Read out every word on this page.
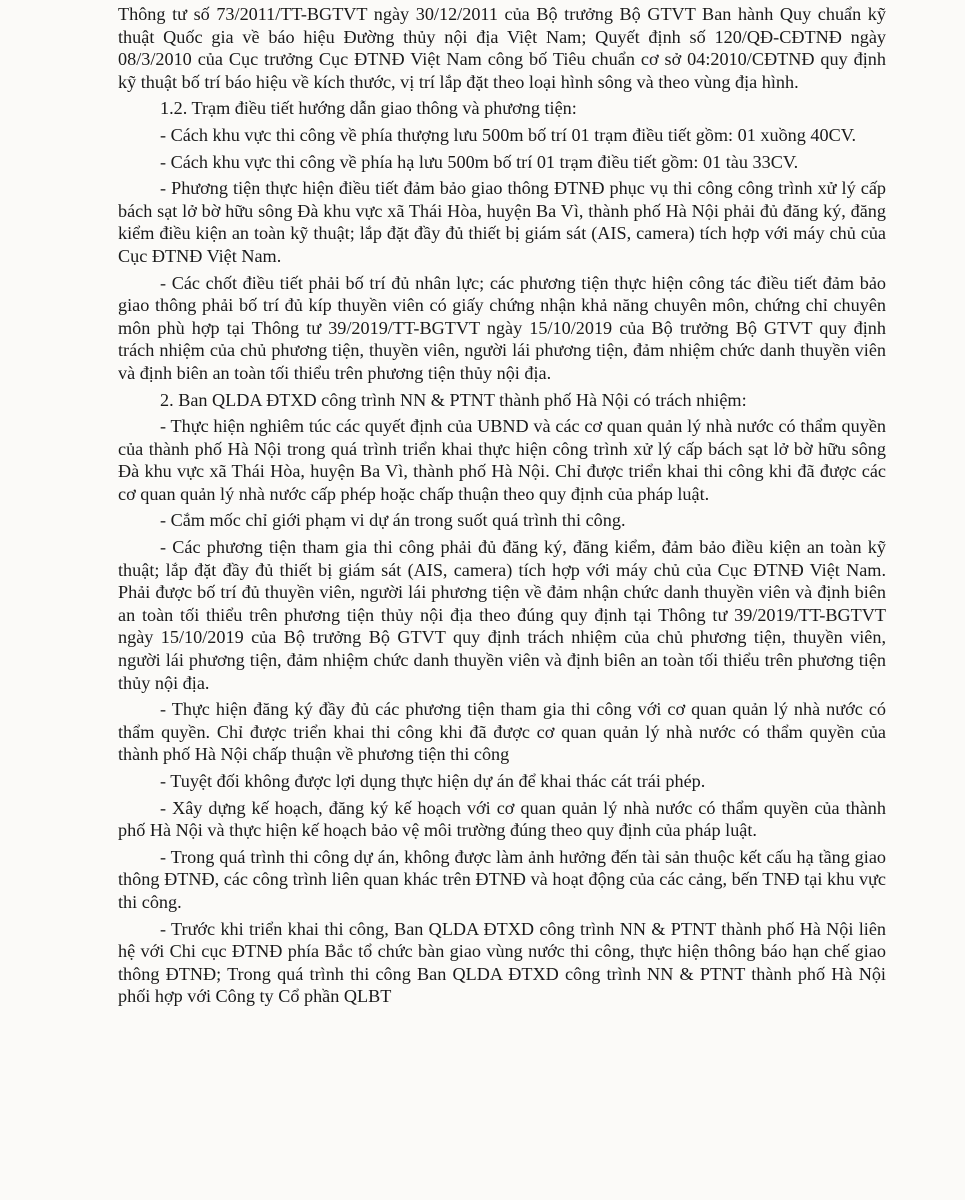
Thông tư số 73/2011/TT-BGTVT ngày 30/12/2011 của Bộ trưởng Bộ GTVT Ban hành Quy chuẩn kỹ thuật Quốc gia về báo hiệu Đường thủy nội địa Việt Nam; Quyết định số 120/QĐ-CĐTNĐ ngày 08/3/2010 của Cục trưởng Cục ĐTNĐ Việt Nam công bố Tiêu chuẩn cơ sở 04:2010/CĐTNĐ quy định kỹ thuật bố trí báo hiệu về kích thước, vị trí lắp đặt theo loại hình sông và theo vùng địa hình.

1.2. Trạm điều tiết hướng dẫn giao thông và phương tiện:

- Cách khu vực thi công về phía thượng lưu 500m bố trí 01 trạm điều tiết gồm: 01 xuồng 40CV.

- Cách khu vực thi công về phía hạ lưu 500m bố trí 01 trạm điều tiết gồm: 01 tàu 33CV.

- Phương tiện thực hiện điều tiết đảm bảo giao thông ĐTNĐ phục vụ thi công công trình xử lý cấp bách sạt lở bờ hữu sông Đà khu vực xã Thái Hòa, huyện Ba Vì, thành phố Hà Nội phải đủ đăng ký, đăng kiểm điều kiện an toàn kỹ thuật; lắp đặt đầy đủ thiết bị giám sát (AIS, camera) tích hợp với máy chủ của Cục ĐTNĐ Việt Nam.

- Các chốt điều tiết phải bố trí đủ nhân lực; các phương tiện thực hiện công tác điều tiết đảm bảo giao thông phải bố trí đủ kíp thuyền viên có giấy chứng nhận khả năng chuyên môn, chứng chỉ chuyên môn phù hợp tại Thông tư 39/2019/TT-BGTVT ngày 15/10/2019 của Bộ trưởng Bộ GTVT quy định trách nhiệm của chủ phương tiện, thuyền viên, người lái phương tiện, đảm nhiệm chức danh thuyền viên và định biên an toàn tối thiểu trên phương tiện thủy nội địa.

2. Ban QLDA ĐTXD công trình NN & PTNT thành phố Hà Nội có trách nhiệm:

- Thực hiện nghiêm túc các quyết định của UBND và các cơ quan quản lý nhà nước có thẩm quyền của thành phố Hà Nội trong quá trình triển khai thực hiện công trình xử lý cấp bách sạt lở bờ hữu sông Đà khu vực xã Thái Hòa, huyện Ba Vì, thành phố Hà Nội. Chỉ được triển khai thi công khi đã được các cơ quan quản lý nhà nước cấp phép hoặc chấp thuận theo quy định của pháp luật.

- Cắm mốc chỉ giới phạm vi dự án trong suốt quá trình thi công.

- Các phương tiện tham gia thi công phải đủ đăng ký, đăng kiểm, đảm bảo điều kiện an toàn kỹ thuật; lắp đặt đầy đủ thiết bị giám sát (AIS, camera) tích hợp với máy chủ của Cục ĐTNĐ Việt Nam. Phải được bố trí đủ thuyền viên, người lái phương tiện về đảm nhận chức danh thuyền viên và định biên an toàn tối thiểu trên phương tiện thủy nội địa theo đúng quy định tại Thông tư 39/2019/TT-BGTVT ngày 15/10/2019 của Bộ trưởng Bộ GTVT quy định trách nhiệm của chủ phương tiện, thuyền viên, người lái phương tiện, đảm nhiệm chức danh thuyền viên và định biên an toàn tối thiểu trên phương tiện thủy nội địa.

- Thực hiện đăng ký đầy đủ các phương tiện tham gia thi công với cơ quan quản lý nhà nước có thẩm quyền. Chỉ được triển khai thi công khi đã được cơ quan quản lý nhà nước có thẩm quyền của thành phố Hà Nội chấp thuận về phương tiện thi công

- Tuyệt đối không được lợi dụng thực hiện dự án để khai thác cát trái phép.

- Xây dựng kế hoạch, đăng ký kế hoạch với cơ quan quản lý nhà nước có thẩm quyền của thành phố Hà Nội và thực hiện kế hoạch bảo vệ môi trường đúng theo quy định của pháp luật.

- Trong quá trình thi công dự án, không được làm ảnh hưởng đến tài sản thuộc kết cấu hạ tầng giao thông ĐTNĐ, các công trình liên quan khác trên ĐTNĐ và hoạt động của các cảng, bến TNĐ tại khu vực thi công.

- Trước khi triển khai thi công, Ban QLDA ĐTXD công trình NN & PTNT thành phố Hà Nội liên hệ với Chi cục ĐTNĐ phía Bắc tổ chức bàn giao vùng nước thi công, thực hiện thông báo hạn chế giao thông ĐTNĐ; Trong quá trình thi công Ban QLDA ĐTXD công trình NN & PTNT thành phố Hà Nội phối hợp với Công ty Cổ phần QLBT
